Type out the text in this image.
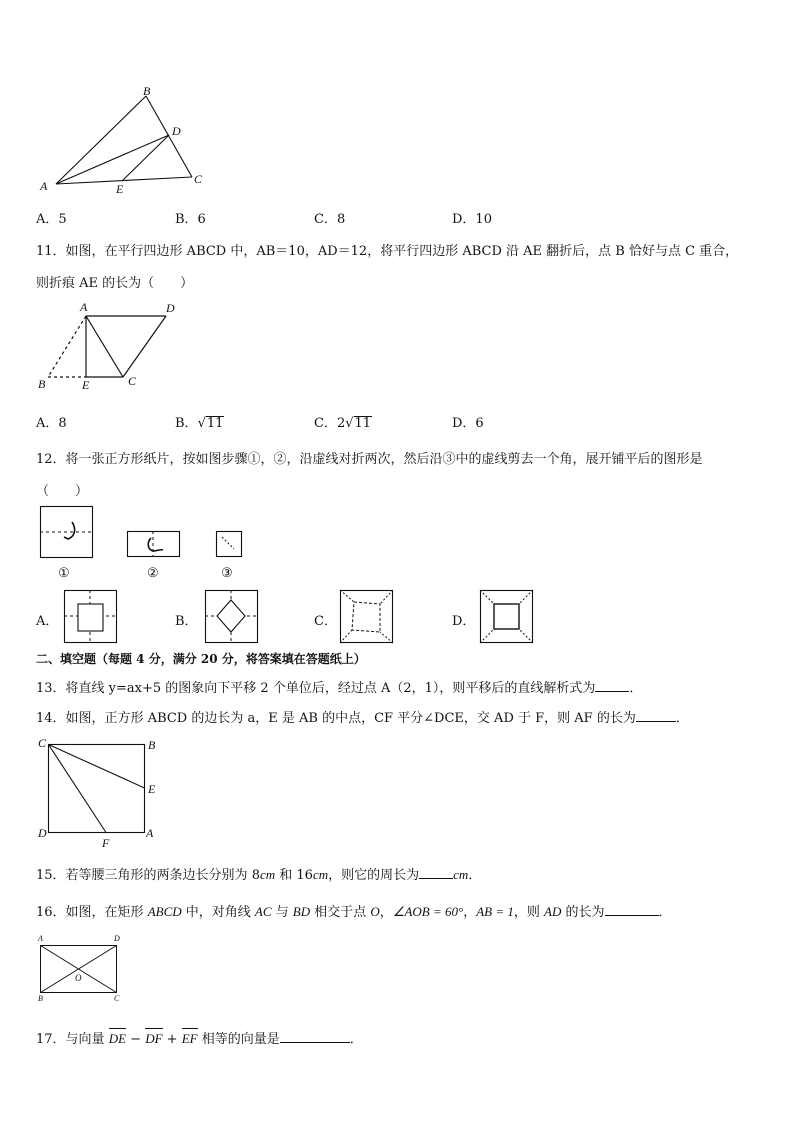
B
D
A	E
C
A．5	B．6	C．8	D．10
11．如图，在平行四边形 ABCD 中，AB＝10，AD＝12，将平行四边形 ABCD 沿 AE 翻折后，点 B 恰好与点 C 重合，
则折痕 AE 的长为（　　）
A	D
B	E	C
A．8	B．√11	C．2√11	D．6
12．将一张正方形纸片，按如图步骤①，②，沿虚线对折两次，然后沿③中的虚线剪去一个角，展开铺平后的图形是
（　　）
①	②	③
A．	B．	C．	D．
二、填空题（每题 4 分，满分 20 分，将答案填在答题纸上）
13．将直线 y=ax+5 的图象向下平移 2 个单位后，经过点 A（2，1），则平移后的直线解析式为	．
14．如图，正方形 ABCD 的边长为 a，E 是 AB 的中点，CF 平分∠DCE，交 AD 于 F，则 AF 的长为	．
C	B
E
D
F
A
15．若等腰三角形的两条边长分别为 8cm 和 16cm，则它的周长为	cm．
16．如图，在矩形 ABCD 中，对角线 AC 与 BD 相交于点 O，∠AOB = 60°，AB = 1，则 AD 的长为	．
A	D
B	C
O
17．与向量 DE − DF + EF 相等的向量是	．
